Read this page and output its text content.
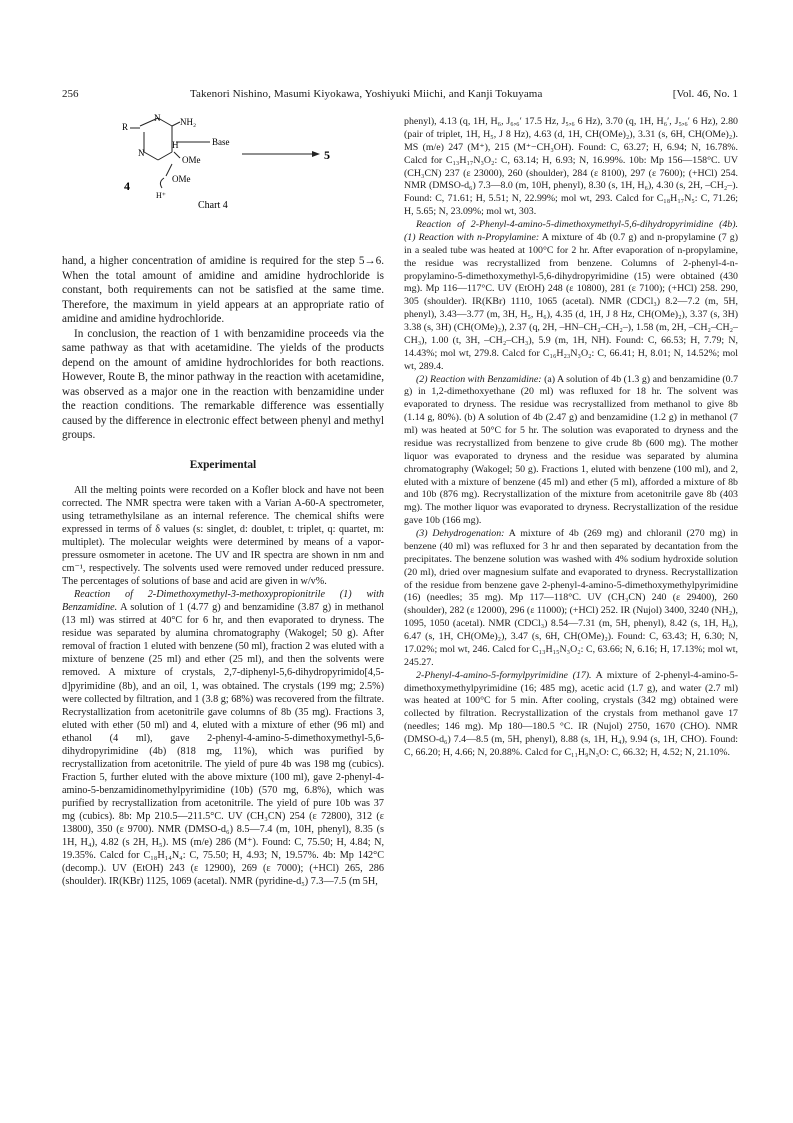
256	Takenori Nishino, Masumi Kiyokawa, Yoshiyuki Miichi, and Kanji Tokuyama	[Vol. 46, No. 1
R
N NH₂
Base
H
N
OMe
OMe
H⁺
4
5
Chart 4

hand, a higher concentration of amidine is required for the step 5→6. When the total amount of amidine and amidine hydrochloride is constant, both requirements can not be satisfied at the same time. Therefore, the maximum in yield appears at an appropriate ratio of amidine and amidine hydrochloride.

In conclusion, the reaction of 1 with benzamidine proceeds via the same pathway as that with acetamidine. The yields of the products depend on the amount of amidine hydrochlorides for both reactions. However, Route B, the minor pathway in the reaction with acetamidine, was observed as a major one in the reaction with benzamidine under the reaction conditions. The remarkable difference was essentially caused by the difference in electronic effect between phenyl and methyl groups.

Experimental

All the melting points were recorded on a Kofler block and have not been corrected. The NMR spectra were taken with a Varian A-60-A spectrometer, using tetramethylsilane as an internal reference. The chemical shifts were expressed in terms of δ values (s: singlet, d: doublet, t: triplet, q: quartet, m: multiplet). The molecular weights were determined by means of a vapor-pressure osmometer in acetone. The UV and IR spectra are shown in nm and cm⁻¹, respectively. The solvents used were removed under reduced pressure. The percentages of solutions of base and acid are given in w/v%.

Reaction of 2-Dimethoxymethyl-3-methoxypropionitrile (1) with Benzamidine. A solution of 1 (4.77 g) and benzamidine (3.87 g) in methanol (13 ml) was stirred at 40°C for 6 hr, and then evaporated to dryness. The residue was separated by alumina chromatography (Wakogel; 50 g). After removal of fraction 1 eluted with benzene (50 ml), fraction 2 was eluted with a mixture of benzene (25 ml) and ether (25 ml), and then the solvents were removed. A mixture of crystals, 2,7-diphenyl-5,6-dihydropyrimido[4,5-d]pyrimidine (8b), and an oil, 1, was obtained. The crystals (199 mg; 2.5%) were collected by filtration, and 1 (3.8 g; 68%) was recovered from the filtrate. Recrystallization from acetonitrile gave columns of 8b (35 mg). Fractions 3, eluted with ether (50 ml) and 4, eluted with a mixture of ether (96 ml) and ethanol (4 ml), gave 2-phenyl-4-amino-5-dimethoxymethyl-5,6-dihydropyrimidine (4b) (818 mg, 11%), which was purified by recrystallization from acetonitrile. The yield of pure 4b was 198 mg (cubics). Fraction 5, further eluted with the above mixture (100 ml), gave 2-phenyl-4-amino-5-benzamidinomethylpyrimidine (10b) (570 mg, 6.8%), which was purified by recrystallization from acetonitrile. The yield of pure 10b was 37 mg (cubics). 8b: Mp 210.5—211.5°C. UV (CH₃CN) 254 (ε 72800), 312 (ε 13800), 350 (ε 9700). NMR (DMSO-d₆) 8.5—7.4 (m, 10H, phenyl), 8.35 (s 1H, H₄), 4.82 (s 2H, H₅). MS (m/e) 286 (M⁺). Found: C, 75.50; H, 4.84; N, 19.35%. Calcd for C₁₈H₁₄N₄: C, 75.50; H, 4.93; N, 19.57%. 4b: Mp 142°C (decomp.). UV (EtOH) 243 (ε 12900), 269 (ε 7000); (+HCl) 265, 286 (shoulder). IR(KBr) 1125, 1069 (acetal). NMR (pyridine-d₅) 7.3—7.5 (m 5H,

phenyl), 4.13 (q, 1H, H₆, J₆,₆′ 17.5 Hz, J₅,₆ 6 Hz), 3.70 (q, 1H, H₆′, J₅,₆′ 6 Hz), 2.80 (pair of triplet, 1H, H₅, J 8 Hz), 4.63 (d, 1H, CH(OMe)₂), 3.31 (s, 6H, CH(OMe)₂). MS (m/e) 247 (M⁺), 215 (M⁺−CH₃OH). Found: C, 63.27; H, 6.94; N, 16.78%. Calcd for C₁₃H₁₇N₃O₂: C, 63.14; H, 6.93; N, 16.99%. 10b: Mp 156—158°C. UV (CH₃CN) 237 (ε 23000), 260 (shoulder), 284 (ε 8100), 297 (ε 7600); (+HCl) 254. NMR (DMSO-d₆) 7.3—8.0 (m, 10H, phenyl), 8.30 (s, 1H, H₆), 4.30 (s, 2H, –CH₂–). Found: C, 71.61; H, 5.51; N, 22.99%; mol wt, 293. Calcd for C₁₈H₁₇N₅: C, 71.26; H, 5.65; N, 23.09%; mol wt, 303.

Reaction of 2-Phenyl-4-amino-5-dimethoxymethyl-5,6-dihydropyrimidine (4b). (1) Reaction with n-Propylamine: A mixture of 4b (0.7 g) and n-propylamine (7 g) in a sealed tube was heated at 100°C for 2 hr. After evaporation of n-propylamine, the residue was recrystallized from benzene. Columns of 2-phenyl-4-n-propylamino-5-dimethoxymethyl-5,6-dihydropyrimidine (15) were obtained (430 mg). Mp 116—117°C. UV (EtOH) 248 (ε 10800), 281 (ε 7100); (+HCl) 258. 290, 305 (shoulder). IR(KBr) 1110, 1065 (acetal). NMR (CDCl₃) 8.2—7.2 (m, 5H, phenyl), 3.43—3.77 (m, 3H, H₅, H₆), 4.35 (d, 1H, J 8 Hz, CH(OMe)₂), 3.37 (s, 3H) 3.38 (s, 3H) (CH(OMe)₂), 2.37 (q, 2H, –HN–CH₂–CH₂–), 1.58 (m, 2H, –CH₂–CH₂–CH₃), 1.00 (t, 3H, –CH₂–CH₃), 5.9 (m, 1H, NH). Found: C, 66.53; H, 7.79; N, 14.43%; mol wt, 279.8. Calcd for C₁₆H₂₃N₃O₂: C, 66.41; H, 8.01; N, 14.52%; mol wt, 289.4.

(2) Reaction with Benzamidine: (a) A solution of 4b (1.3 g) and benzamidine (0.7 g) in 1,2-dimethoxyethane (20 ml) was refluxed for 18 hr. The solvent was evaporated to dryness. The residue was recrystallized from methanol to give 8b (1.14 g, 80%). (b) A solution of 4b (2.47 g) and benzamidine (1.2 g) in methanol (7 ml) was heated at 50°C for 5 hr. The solution was evaporated to dryness and the residue was recrystallized from benzene to give crude 8b (600 mg). The mother liquor was evaporated to dryness and the residue was separated by alumina chromatography (Wakogel; 50 g). Fractions 1, eluted with benzene (100 ml), and 2, eluted with a mixture of benzene (45 ml) and ether (5 ml), afforded a mixture of 8b and 10b (876 mg). Recrystallization of the mixture from acetonitrile gave 8b (403 mg). The mother liquor was evaporated to dryness. Recrystallization of the residue gave 10b (166 mg).

(3) Dehydrogenation: A mixture of 4b (269 mg) and chloranil (270 mg) in benzene (40 ml) was refluxed for 3 hr and then separated by decantation from the precipitates. The benzene solution was washed with 4% sodium hydroxide solution (20 ml), dried over magnesium sulfate and evaporated to dryness. Recrystallization of the residue from benzene gave 2-phenyl-4-amino-5-dimethoxymethylpyrimidine (16) (needles; 35 mg). Mp 117—118°C. UV (CH₃CN) 240 (ε 29400), 260 (shoulder), 282 (ε 12000), 296 (ε 11000); (+HCl) 252. IR (Nujol) 3400, 3240 (NH₂), 1095, 1050 (acetal). NMR (CDCl₃) 8.54—7.31 (m, 5H, phenyl), 8.42 (s, 1H, H₆), 6.47 (s, 1H, CH(OMe)₂), 3.47 (s, 6H, CH(OMe)₂). Found: C, 63.43; H, 6.30; N, 17.02%; mol wt, 246. Calcd for C₁₃H₁₅N₃O₂: C, 63.66; N, 6.16; H, 17.13%; mol wt, 245.27.

2-Phenyl-4-amino-5-formylpyrimidine (17). A mixture of 2-phenyl-4-amino-5-dimethoxymethylpyrimidine (16; 485 mg), acetic acid (1.7 g), and water (2.7 ml) was heated at 100°C for 5 min. After cooling, crystals (342 mg) obtained were collected by filtration. Recrystallization of the crystals from methanol gave 17 (needles; 146 mg). Mp 180—180.5 °C. IR (Nujol) 2750, 1670 (CHO). NMR (DMSO-d₆) 7.4—8.5 (m, 5H, phenyl), 8.88 (s, 1H, H₄), 9.94 (s, 1H, CHO). Found: C, 66.20; H, 4.66; N, 20.88%. Calcd for C₁₁H₉N₃O: C, 66.32; H, 4.52; N, 21.10%.
